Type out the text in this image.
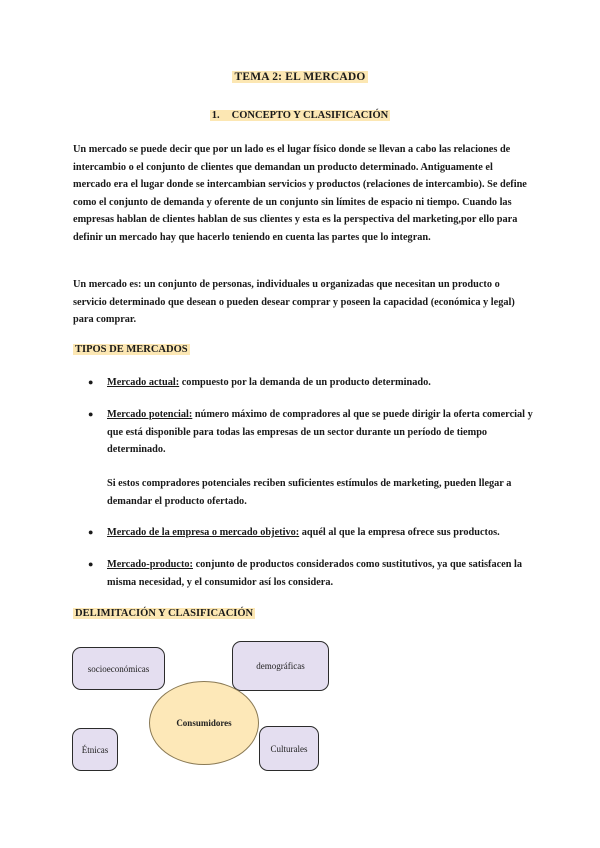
TEMA 2: EL MERCADO
1. CONCEPTO Y CLASIFICACIÓN
Un mercado se puede decir que por un lado es el lugar físico donde se llevan a cabo las relaciones de intercambio o el conjunto de clientes que demandan un producto determinado. Antiguamente el mercado era el lugar donde se intercambian servicios y productos (relaciones de intercambio). Se define como el conjunto de demanda y oferente de un conjunto sin límites de espacio ni tiempo. Cuando las empresas hablan de clientes hablan de sus clientes y esta es la perspectiva del marketing,por ello para definir un mercado hay que hacerlo teniendo en cuenta las partes que lo integran.
Un mercado es: un conjunto de personas, individuales u organizadas que necesitan un producto o servicio determinado que desean o pueden desear comprar y poseen la capacidad (económica y legal) para comprar.
TIPOS DE MERCADOS
●	Mercado actual: compuesto por la demanda de un producto determinado.
●	Mercado potencial: número máximo de compradores al que se puede dirigir la oferta comercial y que está disponible para todas las empresas de un sector durante un período de tiempo determinado.
Si estos compradores potenciales reciben suficientes estímulos de marketing, pueden llegar a demandar el producto ofertado.
●	Mercado de la empresa o mercado objetivo: aquél al que la empresa ofrece sus productos.
●	Mercado-producto: conjunto de productos considerados como sustitutivos, ya que satisfacen la misma necesidad, y el consumidor así los considera.
DELIMITACIÓN Y CLASIFICACIÓN
socioeconómicas	demográficas
Étnicas	Culturales
Consumidores
